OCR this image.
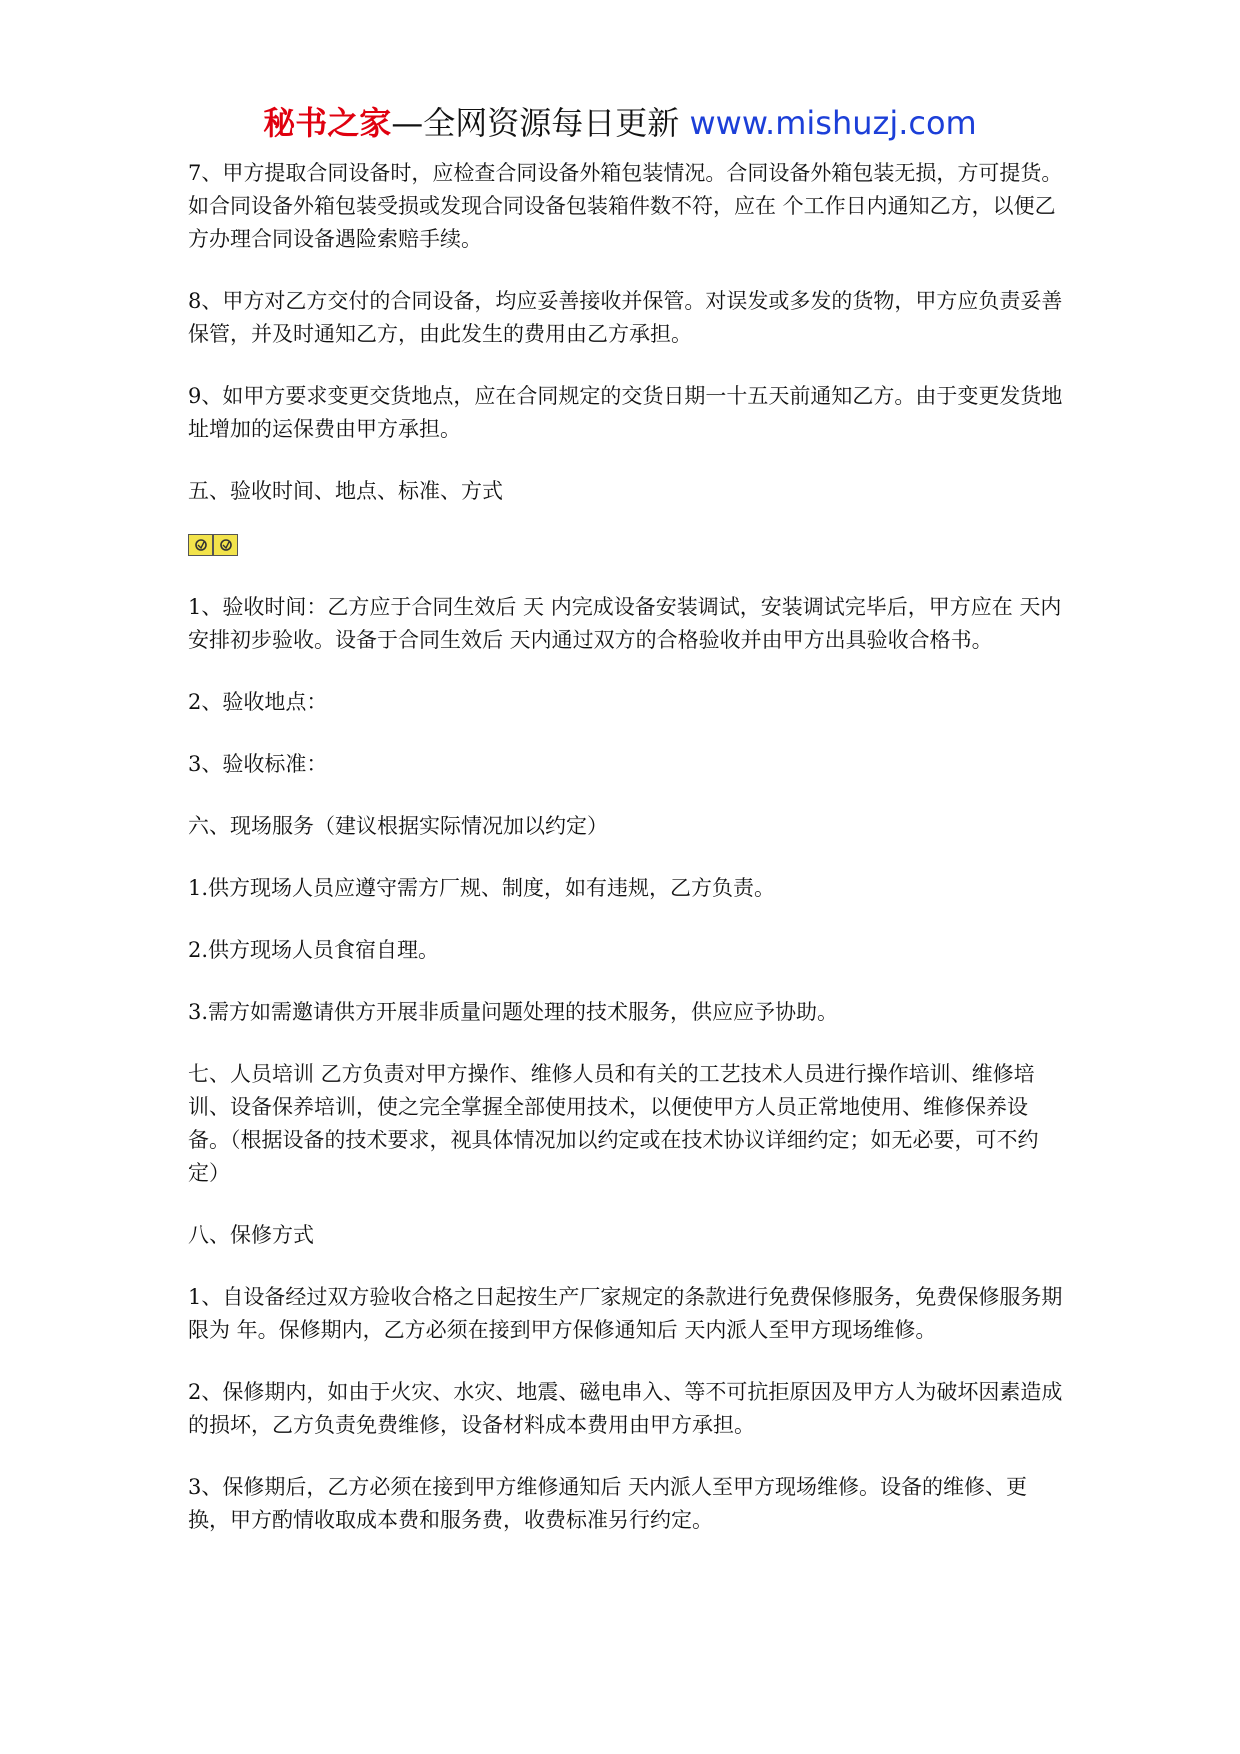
秘书之家—全网资源每日更新 www.mishuzj.com

7、甲方提取合同设备时，应检查合同设备外箱包装情况。合同设备外箱包装无损，方可提货。如合同设备外箱包装受损或发现合同设备包装箱件数不符，应在 个工作日内通知乙方，以便乙方办理合同设备遇险索赔手续。

8、甲方对乙方交付的合同设备，均应妥善接收并保管。对误发或多发的货物，甲方应负责妥善保管，并及时通知乙方，由此发生的费用由乙方承担。

9、如甲方要求变更交货地点，应在合同规定的交货日期一十五天前通知乙方。由于变更发货地址增加的运保费由甲方承担。

五、验收时间、地点、标准、方式

1、验收时间：乙方应于合同生效后 天 内完成设备安装调试，安装调试完毕后，甲方应在 天内安排初步验收。设备于合同生效后 天内通过双方的合格验收并由甲方出具验收合格书。

2、验收地点：

3、验收标准：

六、现场服务（建议根据实际情况加以约定）

1.供方现场人员应遵守需方厂规、制度，如有违规，乙方负责。

2.供方现场人员食宿自理。

3.需方如需邀请供方开展非质量问题处理的技术服务，供应应予协助。

七、人员培训 乙方负责对甲方操作、维修人员和有关的工艺技术人员进行操作培训、维修培训、设备保养培训，使之完全掌握全部使用技术，以便使甲方人员正常地使用、维修保养设备。（根据设备的技术要求，视具体情况加以约定或在技术协议详细约定；如无必要，可不约定）

八、保修方式

1、自设备经过双方验收合格之日起按生产厂家规定的条款进行免费保修服务，免费保修服务期限为 年。保修期内，乙方必须在接到甲方保修通知后 天内派人至甲方现场维修。

2、保修期内，如由于火灾、水灾、地震、磁电串入、等不可抗拒原因及甲方人为破坏因素造成的损坏，乙方负责免费维修，设备材料成本费用由甲方承担。

3、保修期后，乙方必须在接到甲方维修通知后 天内派人至甲方现场维修。设备的维修、更换，甲方酌情收取成本费和服务费，收费标准另行约定。
